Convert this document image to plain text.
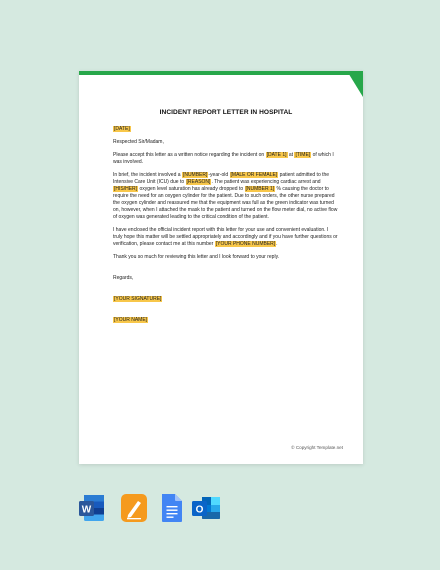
INCIDENT REPORT LETTER IN HOSPITAL
[DATE]
Respected Sir/Madam,
Please accept this letter as a written notice regarding the incident on [DATE 1] at [TIME] of which I was involved.
In brief, the incident involved a [NUMBER]-year-old [MALE OR FEMALE] patient admitted to the Intensive Care Unit (ICU) due to [REASON]. The patient was experiencing cardiac arrest and [HIS/HER] oxygen level saturation has already dropped to [NUMBER 1] % causing the doctor to require the need for an oxygen cylinder for the patient. Due to such orders, the other nurse prepared the oxygen cylinder and reassured me that the equipment was full as the green indicator was turned on, however, when I attached the mask to the patient and turned on the flow meter dial, no active flow of oxygen was generated leading to the critical condition of the patient.
I have enclosed the official incident report with this letter for your use and convenient evaluation. I truly hope this matter will be settled appropriately and accordingly and if you have further questions or verification, please contact me at this number [YOUR PHONE NUMBER].
Thank you so much for reviewing this letter and I look forward to your reply.
Regards,
[YOUR SIGNATURE]
[YOUR NAME]
© Copyright Template.net
W	O
